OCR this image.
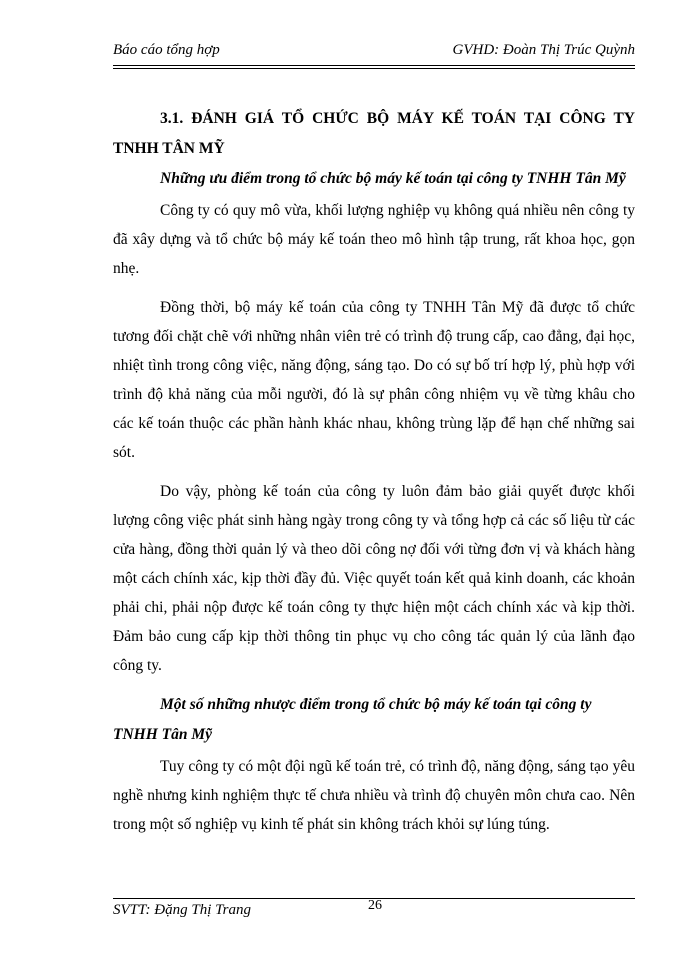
Báo cáo tổng hợp	GVHD: Đoàn Thị Trúc Quỳnh

3.1. ĐÁNH GIÁ TỔ CHỨC BỘ MÁY KẾ TOÁN TẠI CÔNG TY TNHH TÂN MỸ

Những ưu điểm trong tổ chức bộ máy kế toán tại công ty TNHH Tân Mỹ

Công ty có quy mô vừa, khối lượng nghiệp vụ không quá nhiều nên công ty đã xây dựng và tổ chức bộ máy kế toán theo mô hình tập trung, rất khoa học, gọn nhẹ.

Đồng thời, bộ máy kế toán của công ty TNHH Tân Mỹ đã được tổ chức tương đối chặt chẽ với những nhân viên trẻ có trình độ trung cấp, cao đẳng, đại học, nhiệt tình trong công việc, năng động, sáng tạo. Do có sự bố trí hợp lý, phù hợp với trình độ khả năng của mỗi người, đó là sự phân công nhiệm vụ về từng khâu cho các kế toán thuộc các phần hành khác nhau, không trùng lặp để hạn chế những sai sót.

Do vậy, phòng kế toán của công ty luôn đảm bảo giải quyết được khối lượng công việc phát sinh hàng ngày trong công ty và tổng hợp cả các số liệu từ các cửa hàng, đồng thời quản lý và theo dõi công nợ đối với từng đơn vị và khách hàng một cách chính xác, kịp thời đầy đủ. Việc quyết toán kết quả kinh doanh, các khoản phải chi, phải nộp được kế toán công ty thực hiện một cách chính xác và kịp thời. Đảm bảo cung cấp kịp thời thông tin phục vụ cho công tác quản lý của lãnh đạo công ty.

Một số những nhược điểm trong tổ chức bộ máy kế toán tại công ty TNHH Tân Mỹ

Tuy công ty có một đội ngũ kế toán trẻ, có trình độ, năng động, sáng tạo yêu nghề nhưng kinh nghiệm thực tế chưa nhiều và trình độ chuyên môn chưa cao. Nên trong một số nghiệp vụ kinh tế phát sin không trách khỏi sự lúng túng.

SVTT: Đặng Thị Trang	26
